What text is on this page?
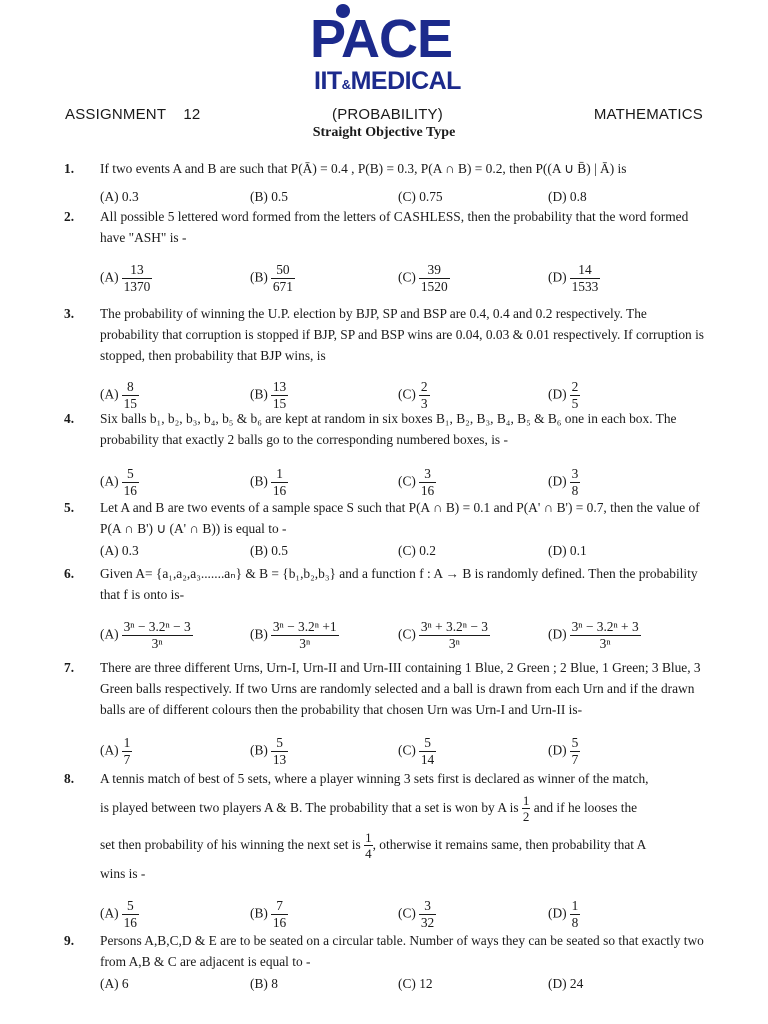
PACE
IIT&MEDICAL
ASSIGNMENT    12	(PROBABILITY)	MATHEMATICS
Straight Objective Type
1. If two events A and B are such that P(Ā) = 0.4 , P(B) = 0.3, P(A ∩ B) = 0.2, then P((A ∪ B̄) | Ā) is
(A) 0.3	(B) 0.5	(C) 0.75	(D) 0.8
2. All possible 5 lettered word formed from the letters of CASHLESS, then the probability that the word formed have "ASH" is -
$(A) \frac{13}{1370}$	$(B) \frac{50}{671}$	$(C) \frac{39}{1520}$	$(D) \frac{14}{1533}$
3. The probability of winning the U.P. election by BJP, SP and BSP are 0.4, 0.4 and 0.2 respectively. The probability that corruption is stopped if BJP, SP and BSP wins are 0.04, 0.03 & 0.01 respectively. If corruption is stopped, then probability that BJP wins, is
$(A) \frac{8}{15}$	$(B) \frac{13}{15}$	$(C) \frac{2}{3}$	$(D) \frac{2}{5}$
4. Six balls b₁, b₂, b₃, b₄, b₅ & b₆ are kept at random in six boxes B₁, B₂, B₃, B₄, B₅ & B₆ one in each box. The probability that exactly 2 balls go to the corresponding numbered boxes, is -
$(A) \frac{5}{16}$	$(B) \frac{1}{16}$	$(C) \frac{3}{16}$	$(D) \frac{3}{8}$
5. Let A and B are two events of a sample space S such that P(A ∩ B) = 0.1 and P(A' ∩ B') = 0.7, then the value of P(A ∩ B') ∪ (A' ∩ B)) is equal to -
(A) 0.3	(B) 0.5	(C) 0.2	(D) 0.1
6. Given A= {a₁,a₂,a₃.......aₙ} & B = {b₁,b₂,b₃} and a function f : A → B is randomly defined. Then the probability that f is onto is-
$(A) \frac{\text{3ⁿ − 3.2ⁿ − 3}}{\text{3ⁿ}}$	$(B) \frac{\text{3ⁿ − 3.2ⁿ +1}}{\text{3ⁿ}}$	$(C) \frac{\text{3ⁿ + 3.2ⁿ − 3}}{\text{3ⁿ}}$	$(D) \frac{\text{3ⁿ − 3.2ⁿ + 3}}{\text{3ⁿ}}$
7. There are three different Urns, Urn-I, Urn-II and Urn-III containing 1 Blue, 2 Green ; 2 Blue, 1 Green; 3 Blue, 3 Green balls respectively. If two Urns are randomly selected and a ball is drawn from each Urn and if the drawn balls are of different colours then the probability that chosen Urn was Urn-I and Urn-II is-
$(A) \frac{1}{7}$	$(B) \frac{5}{13}$	$(C) \frac{5}{14}$	$(D) \frac{5}{7}$
8. A tennis match of best of 5 sets, where a player winning 3 sets first is declared as winner of the match,
is played between two players A & B. The probability that a set is won by A is $\frac{1}{2}$ and if he looses the
set then probability of his winning the next set is $\frac{1}{4}$ , otherwise it remains same, then probability that A
wins is -
$(A) \frac{5}{16}$	$(B) \frac{7}{16}$	$(C) \frac{3}{32}$	$(D) \frac{1}{8}$
9. Persons A,B,C,D & E are to be seated on a circular table. Number of ways they can be seated so that exactly two from A,B & C are adjacent is equal to -
(A) 6	(B) 8	(C) 12	(D) 24
